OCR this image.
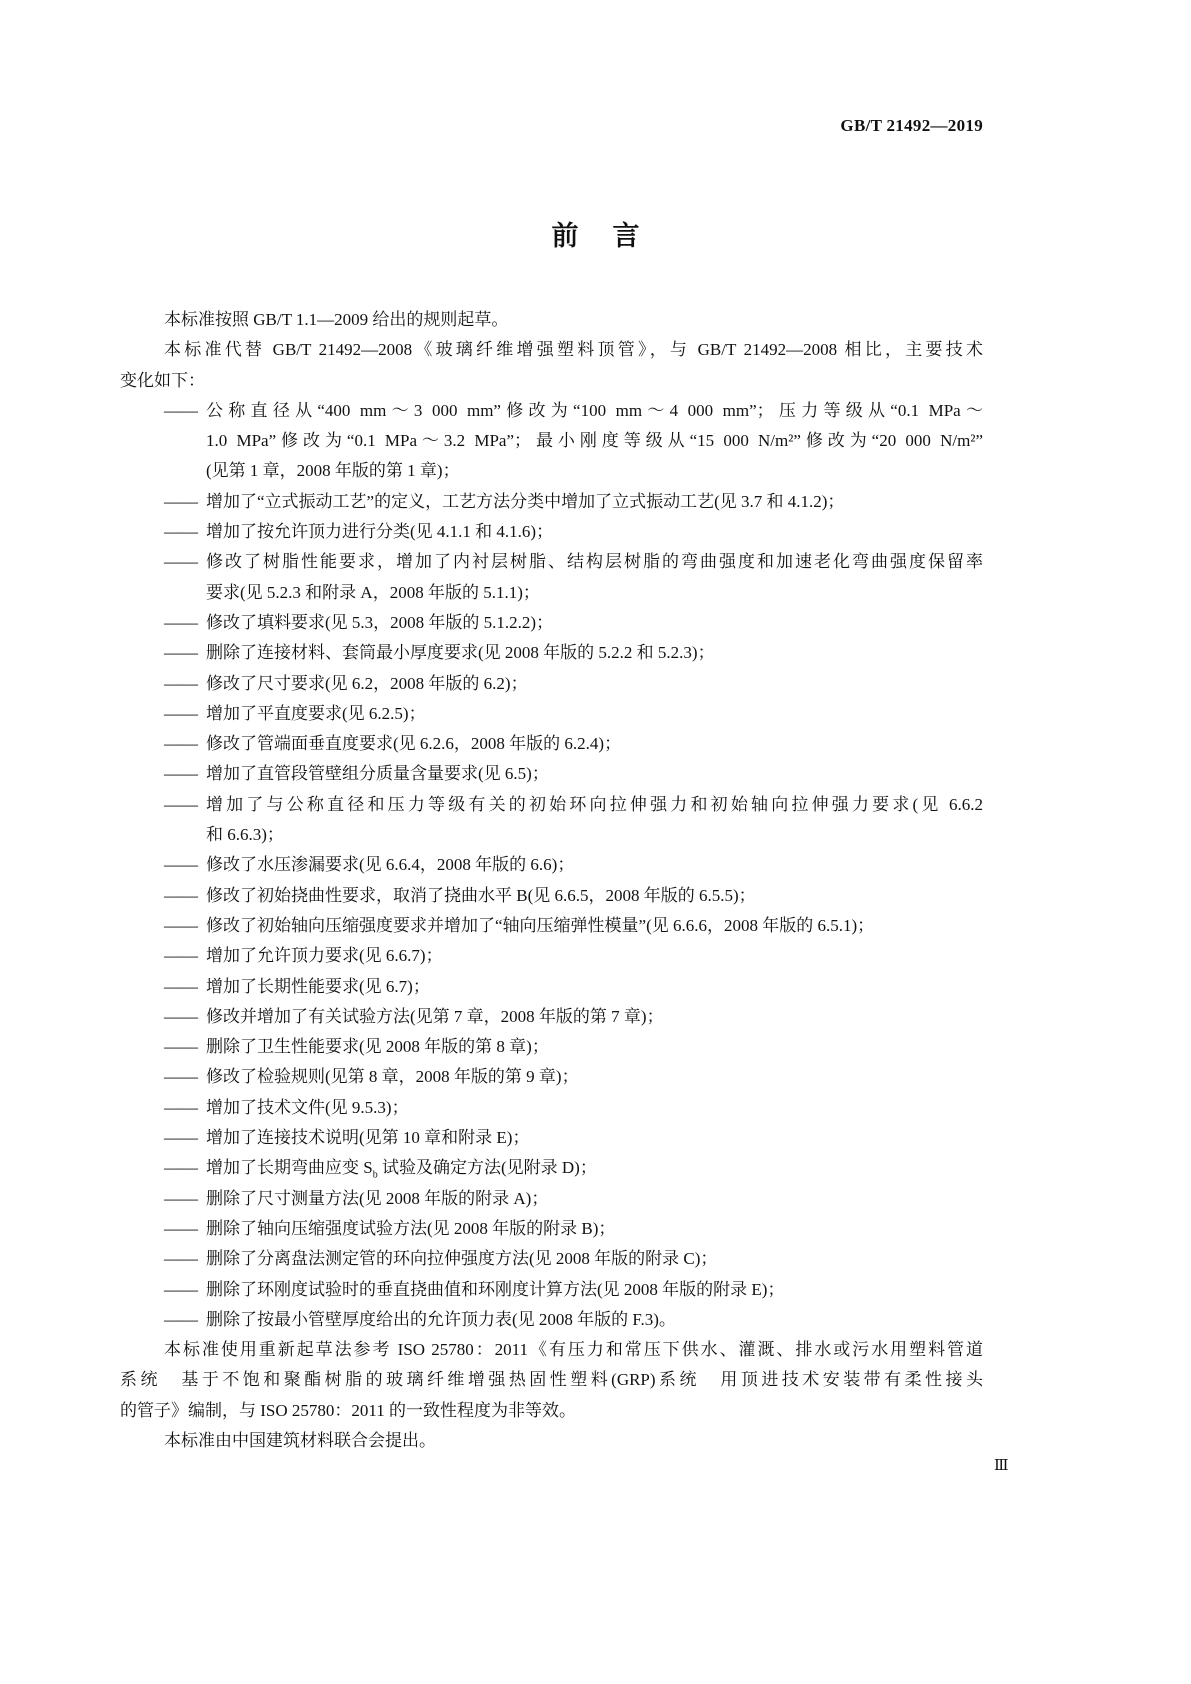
GB/T 21492—2019
前言
本标准按照 GB/T 1.1—2009 给出的规则起草。
本标准代替 GB/T 21492—2008《玻璃纤维增强塑料顶管》，与 GB/T 21492—2008 相比，主要技术
变化如下：
—— 公称直径从“400 mm～3 000 mm”修改为“100 mm～4 000 mm”；压力等级从“0.1 MPa～
1.0 MPa”修改为“0.1 MPa～3.2 MPa”；最小刚度等级从“15 000 N/m²”修改为“20 000 N/m²”
(见第 1 章，2008 年版的第 1 章)；
—— 增加了“立式振动工艺”的定义，工艺方法分类中增加了立式振动工艺(见 3.7 和 4.1.2)；
—— 增加了按允许顶力进行分类(见 4.1.1 和 4.1.6)；
—— 修改了树脂性能要求，增加了内衬层树脂、结构层树脂的弯曲强度和加速老化弯曲强度保留率
要求(见 5.2.3 和附录 A，2008 年版的 5.1.1)；
—— 修改了填料要求(见 5.3，2008 年版的 5.1.2.2)；
—— 删除了连接材料、套筒最小厚度要求(见 2008 年版的 5.2.2 和 5.2.3)；
—— 修改了尺寸要求(见 6.2，2008 年版的 6.2)；
—— 增加了平直度要求(见 6.2.5)；
—— 修改了管端面垂直度要求(见 6.2.6，2008 年版的 6.2.4)；
—— 增加了直管段管壁组分质量含量要求(见 6.5)；
—— 增加了与公称直径和压力等级有关的初始环向拉伸强力和初始轴向拉伸强力要求(见 6.6.2
和 6.6.3)；
—— 修改了水压渗漏要求(见 6.6.4，2008 年版的 6.6)；
—— 修改了初始挠曲性要求，取消了挠曲水平 B(见 6.6.5，2008 年版的 6.5.5)；
—— 修改了初始轴向压缩强度要求并增加了“轴向压缩弹性模量”(见 6.6.6，2008 年版的 6.5.1)；
—— 增加了允许顶力要求(见 6.6.7)；
—— 增加了长期性能要求(见 6.7)；
—— 修改并增加了有关试验方法(见第 7 章，2008 年版的第 7 章)；
—— 删除了卫生性能要求(见 2008 年版的第 8 章)；
—— 修改了检验规则(见第 8 章，2008 年版的第 9 章)；
—— 增加了技术文件(见 9.5.3)；
—— 增加了连接技术说明(见第 10 章和附录 E)；
—— 增加了长期弯曲应变 $S_b$ 试验及确定方法(见附录 D)；
—— 删除了尺寸测量方法(见 2008 年版的附录 A)；
—— 删除了轴向压缩强度试验方法(见 2008 年版的附录 B)；
—— 删除了分离盘法测定管的环向拉伸强度方法(见 2008 年版的附录 C)；
—— 删除了环刚度试验时的垂直挠曲值和环刚度计算方法(见 2008 年版的附录 E)；
—— 删除了按最小管壁厚度给出的允许顶力表(见 2008 年版的 F.3)。
本标准使用重新起草法参考 ISO 25780：2011《有压力和常压下供水、灌溉、排水或污水用塑料管道
系统　基于不饱和聚酯树脂的玻璃纤维增强热固性塑料(GRP)系统　用顶进技术安装带有柔性接头
的管子》编制，与 ISO 25780：2011 的一致性程度为非等效。
本标准由中国建筑材料联合会提出。
Ⅲ
